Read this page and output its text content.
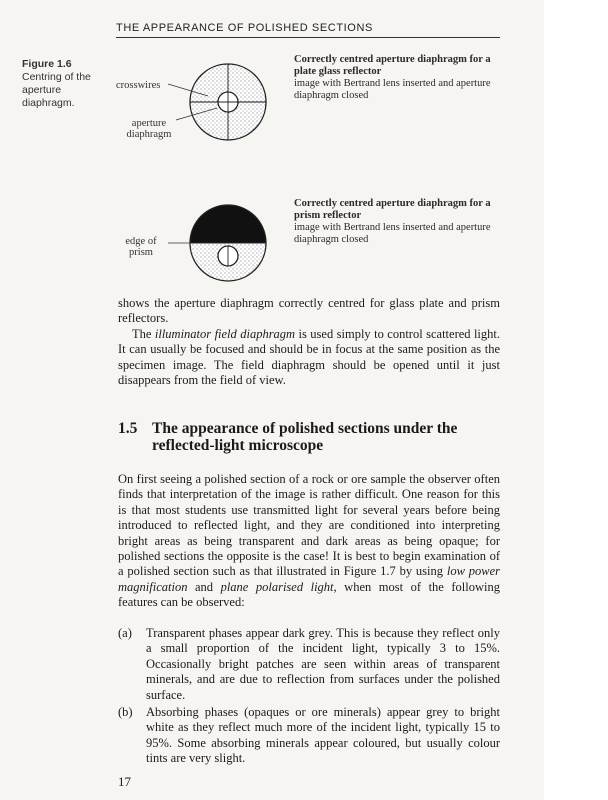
THE APPEARANCE OF POLISHED SECTIONS
Figure 1.6
Centring of the aperture diaphragm.
crosswires
aperture diaphragm
edge of prism
Correctly centred aperture diaphragm for a plate glass reflector
image with Bertrand lens inserted and aperture diaphragm closed
Correctly centred aperture diaphragm for a prism reflector
image with Bertrand lens inserted and aperture diaphragm closed
shows the aperture diaphragm correctly centred for glass plate and prism reflectors.
The illuminator field diaphragm is used simply to control scattered light. It can usually be focused and should be in focus at the same position as the specimen image. The field diaphragm should be opened until it just disappears from the field of view.
1.5 The appearance of polished sections under the reflected-light microscope
On first seeing a polished section of a rock or ore sample the observer often finds that interpretation of the image is rather difficult. One reason for this is that most students use transmitted light for several years before being introduced to reflected light, and they are conditioned into interpreting bright areas as being transparent and dark areas as being opaque; for polished sections the opposite is the case! It is best to begin examination of a polished section such as that illustrated in Figure 1.7 by using low power magnification and plane polarised light, when most of the following features can be observed:
(a) Transparent phases appear dark grey. This is because they reflect only a small proportion of the incident light, typically 3 to 15%. Occasionally bright patches are seen within areas of transparent minerals, and are due to reflection from surfaces under the polished surface.
(b) Absorbing phases (opaques or ore minerals) appear grey to bright white as they reflect much more of the incident light, typically 15 to 95%. Some absorbing minerals appear coloured, but usually colour tints are very slight.
17
